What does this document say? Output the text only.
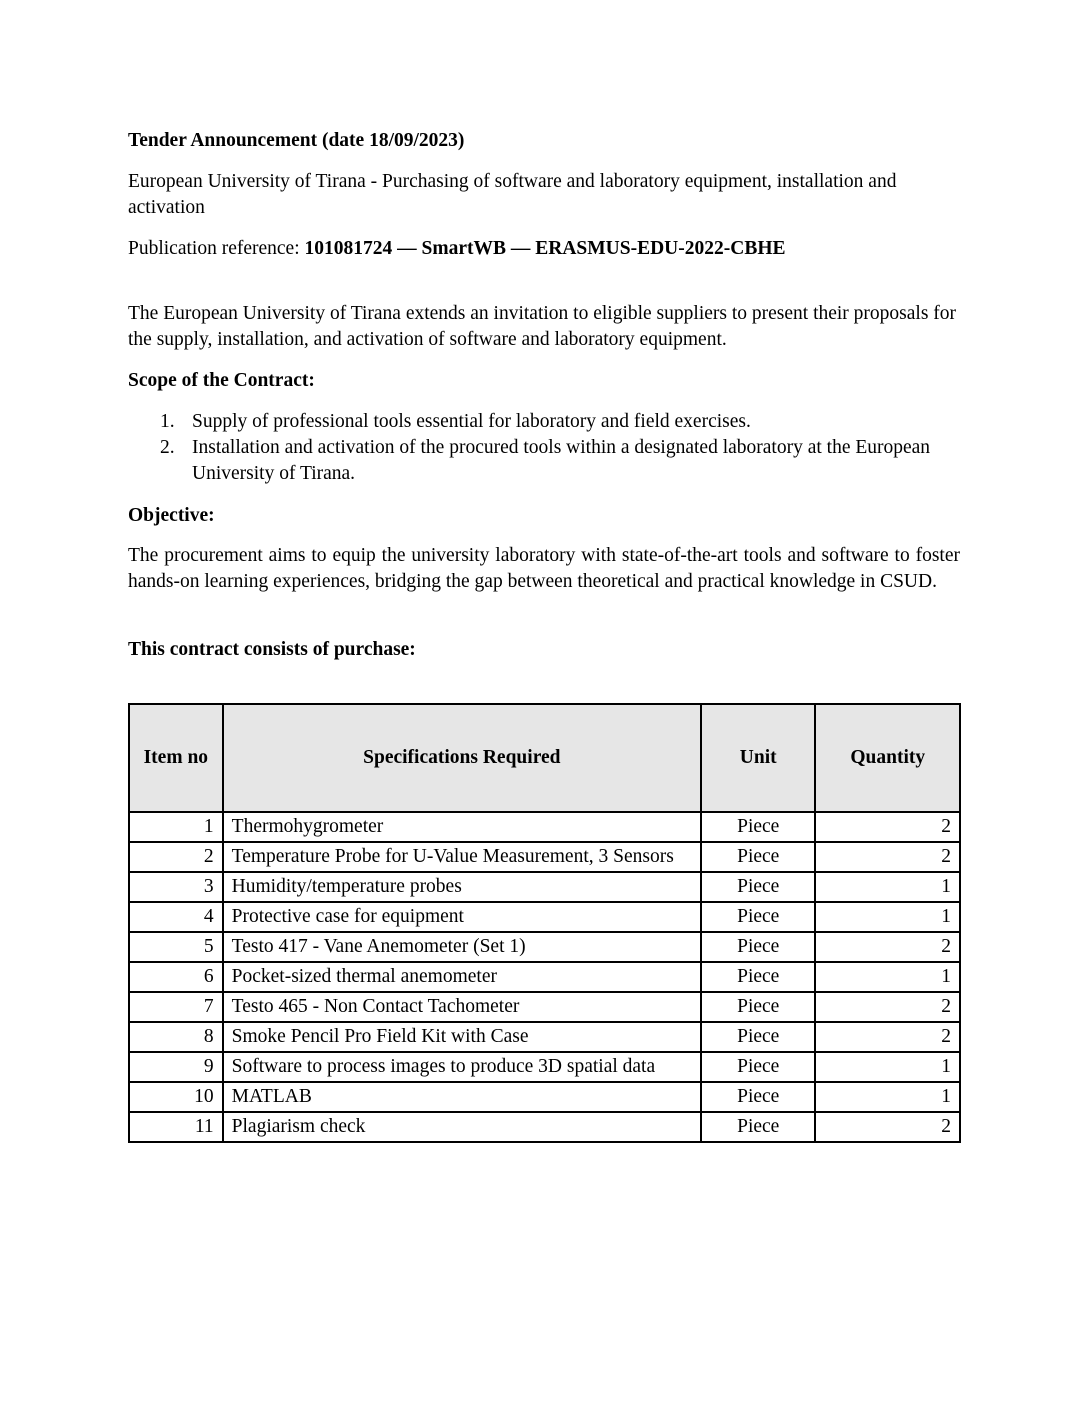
Tender Announcement (date 18/09/2023)

European University of Tirana - Purchasing of software and laboratory equipment, installation and activation

Publication reference: 101081724 — SmartWB — ERASMUS-EDU-2022-CBHE

The European University of Tirana extends an invitation to eligible suppliers to present their proposals for the supply, installation, and activation of software and laboratory equipment.

Scope of the Contract:

1. Supply of professional tools essential for laboratory and field exercises.
2. Installation and activation of the procured tools within a designated laboratory at the European University of Tirana.

Objective:

The procurement aims to equip the university laboratory with state-of-the-art tools and software to foster hands-on learning experiences, bridging the gap between theoretical and practical knowledge in CSUD.

This contract consists of purchase:

Item no	Specifications Required	Unit	Quantity
1	Thermohygrometer	Piece	2
2	Temperature Probe for U-Value Measurement, 3 Sensors	Piece	2
3	Humidity/temperature probes	Piece	1
4	Protective case for equipment	Piece	1
5	Testo 417 - Vane Anemometer (Set 1)	Piece	2
6	Pocket-sized thermal anemometer	Piece	1
7	Testo 465 - Non Contact Tachometer	Piece	2
8	Smoke Pencil Pro Field Kit with Case	Piece	2
9	Software to process images to produce 3D spatial data	Piece	1
10	MATLAB	Piece	1
11	Plagiarism check	Piece	2
